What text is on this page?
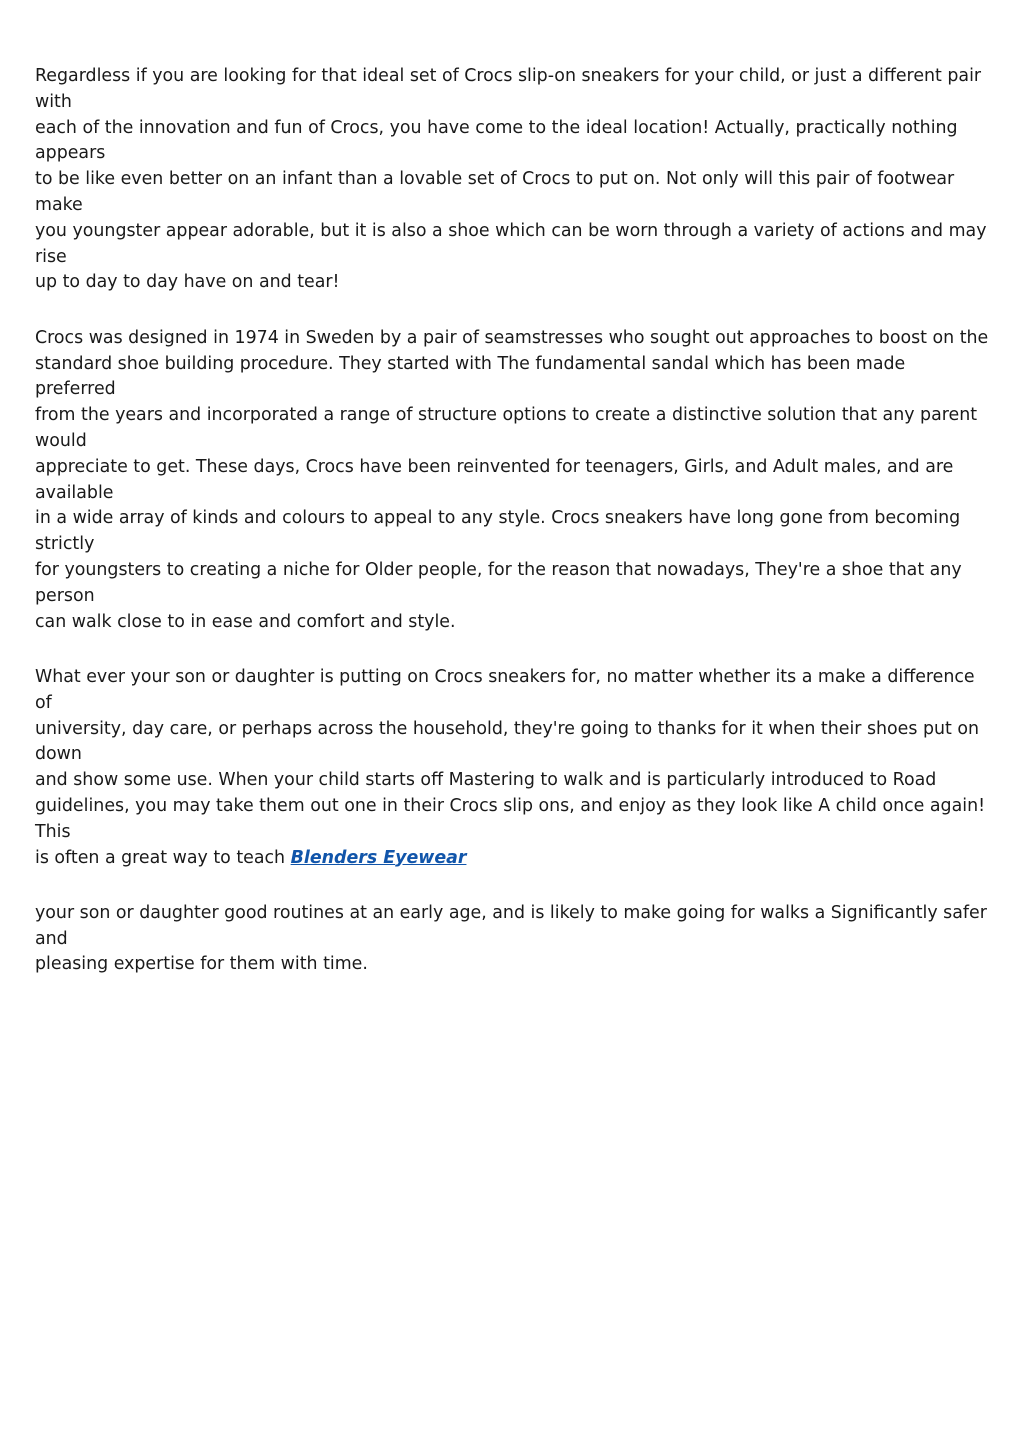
Regardless if you are looking for that ideal set of Crocs slip-on sneakers for your child, or just a different pair with
each of the innovation and fun of Crocs, you have come to the ideal location! Actually, practically nothing appears
to be like even better on an infant than a lovable set of Crocs to put on. Not only will this pair of footwear make
you youngster appear adorable, but it is also a shoe which can be worn through a variety of actions and may rise
up to day to day have on and tear!

Crocs was designed in 1974 in Sweden by a pair of seamstresses who sought out approaches to boost on the
standard shoe building procedure. They started with The fundamental sandal which has been made preferred
from the years and incorporated a range of structure options to create a distinctive solution that any parent would
appreciate to get. These days, Crocs have been reinvented for teenagers, Girls, and Adult males, and are available
in a wide array of kinds and colours to appeal to any style. Crocs sneakers have long gone from becoming strictly
for youngsters to creating a niche for Older people, for the reason that nowadays, They're a shoe that any person
can walk close to in ease and comfort and style.

What ever your son or daughter is putting on Crocs sneakers for, no matter whether its a make a difference of
university, day care, or perhaps across the household, they're going to thanks for it when their shoes put on down
and show some use. When your child starts off Mastering to walk and is particularly introduced to Road
guidelines, you may take them out one in their Crocs slip ons, and enjoy as they look like A child once again! This
is often a great way to teach Blenders Eyewear

your son or daughter good routines at an early age, and is likely to make going for walks a Significantly safer and
pleasing expertise for them with time.
